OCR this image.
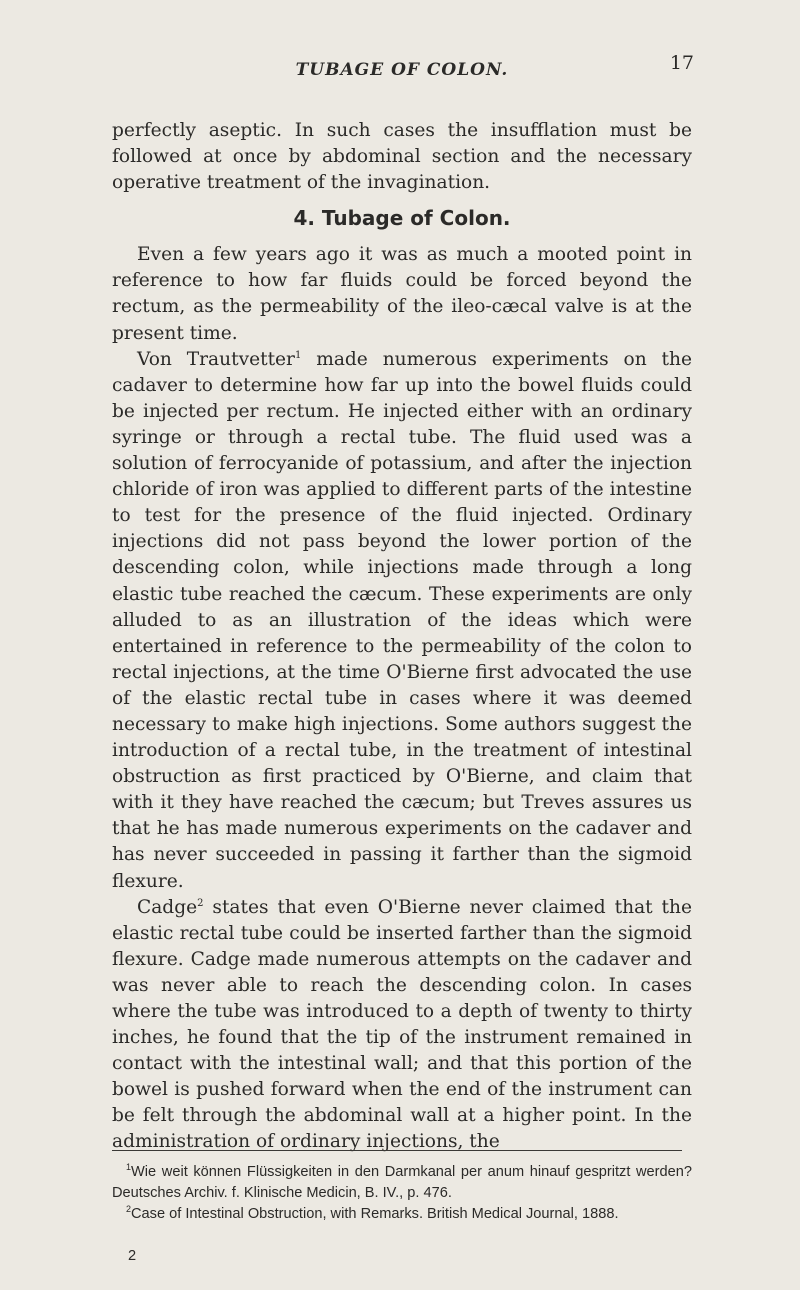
TUBAGE OF COLON.	17

perfectly aseptic. In such cases the insufflation must be followed at once by abdominal section and the necessary operative treatment of the invagination.

4. Tubage of Colon.

Even a few years ago it was as much a mooted point in reference to how far fluids could be forced beyond the rectum, as the permeability of the ileo-cæcal valve is at the present time.

Von Trautvetter$^1$ made numerous experiments on the cadaver to determine how far up into the bowel fluids could be injected per rectum. He injected either with an ordinary syringe or through a rectal tube. The fluid used was a solution of ferrocyanide of potassium, and after the injection chloride of iron was applied to different parts of the intestine to test for the presence of the fluid injected. Ordinary injections did not pass beyond the lower portion of the descending colon, while injections made through a long elastic tube reached the cæcum. These experiments are only alluded to as an illustration of the ideas which were entertained in reference to the permeability of the colon to rectal injections, at the time O'Bierne first advocated the use of the elastic rectal tube in cases where it was deemed necessary to make high injections. Some authors suggest the introduction of a rectal tube, in the treatment of intestinal obstruction as first practiced by O'Bierne, and claim that with it they have reached the cæcum; but Treves assures us that he has made numerous experiments on the cadaver and has never succeeded in passing it farther than the sigmoid flexure.

Cadge$^2$ states that even O'Bierne never claimed that the elastic rectal tube could be inserted farther than the sigmoid flexure. Cadge made numerous attempts on the cadaver and was never able to reach the descending colon. In cases where the tube was introduced to a depth of twenty to thirty inches, he found that the tip of the instrument remained in contact with the intestinal wall; and that this portion of the bowel is pushed forward when the end of the instrument can be felt through the abdominal wall at a higher point. In the administration of ordinary injections, the

$^1$Wie weit können Flüssigkeiten in den Darmkanal per anum hinauf gespritzt werden? Deutsches Archiv. f. Klinische Medicin, B. IV., p. 476.

$^2$Case of Intestinal Obstruction, with Remarks. British Medical Journal, 1888.

2
